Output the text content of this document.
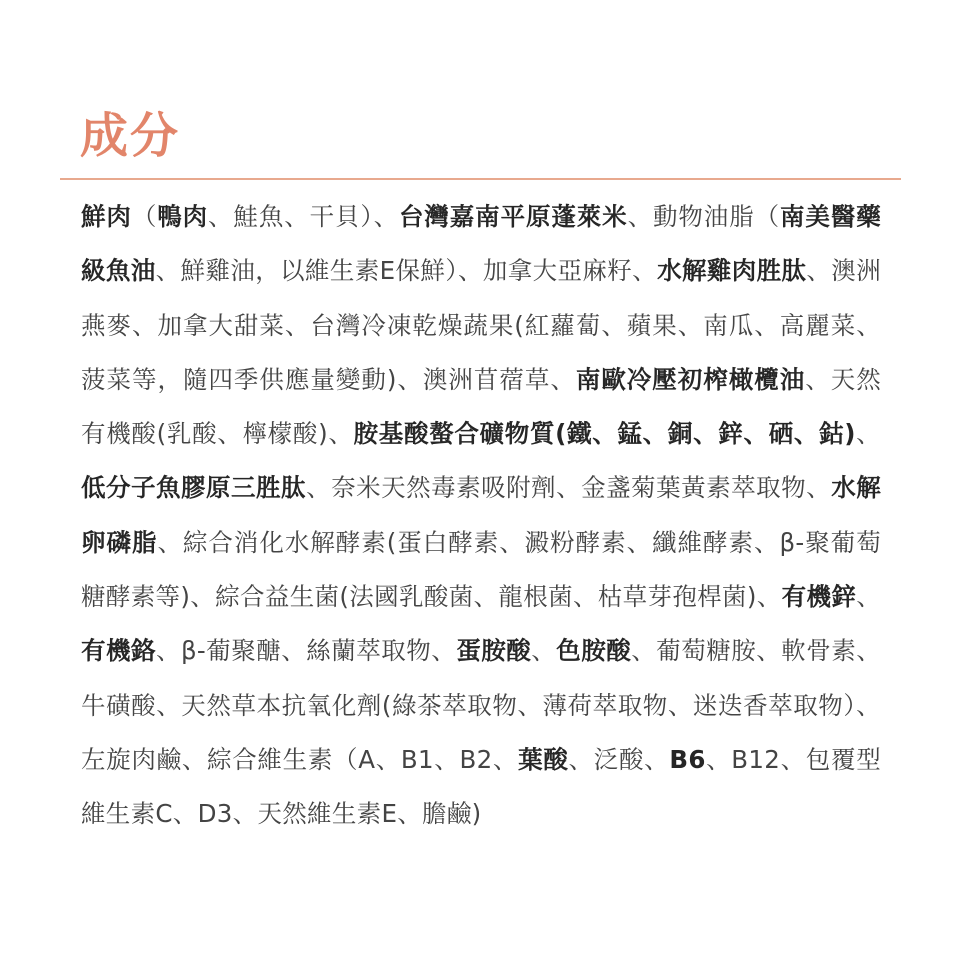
成分

鮮肉（鴨肉、鮭魚、干貝）、台灣嘉南平原蓬萊米、動物油脂（南美醫藥級魚油、鮮雞油，以維生素E保鮮）、加拿大亞麻籽、水解雞肉胜肽、澳洲燕麥、加拿大甜菜、台灣冷凍乾燥蔬果(紅蘿蔔、蘋果、南瓜、高麗菜、菠菜等，隨四季供應量變動)、澳洲苜蓿草、南歐冷壓初榨橄欖油、天然有機酸(乳酸、檸檬酸)、胺基酸螯合礦物質(鐵、錳、銅、鋅、硒、鈷)、低分子魚膠原三胜肽、奈米天然毒素吸附劑、金盞菊葉黃素萃取物、水解卵磷脂、綜合消化水解酵素(蛋白酵素、澱粉酵素、纖維酵素、β-聚葡萄糖酵素等)、綜合益生菌(法國乳酸菌、龍根菌、枯草芽孢桿菌)、有機鋅、有機鉻、β-葡聚醣、絲蘭萃取物、蛋胺酸、色胺酸、葡萄糖胺、軟骨素、牛磺酸、天然草本抗氧化劑(綠茶萃取物、薄荷萃取物、迷迭香萃取物）、左旋肉鹼、綜合維生素（A、B1、B2、葉酸、泛酸、B6、B12、包覆型維生素C、D3、天然維生素E、膽鹼)
